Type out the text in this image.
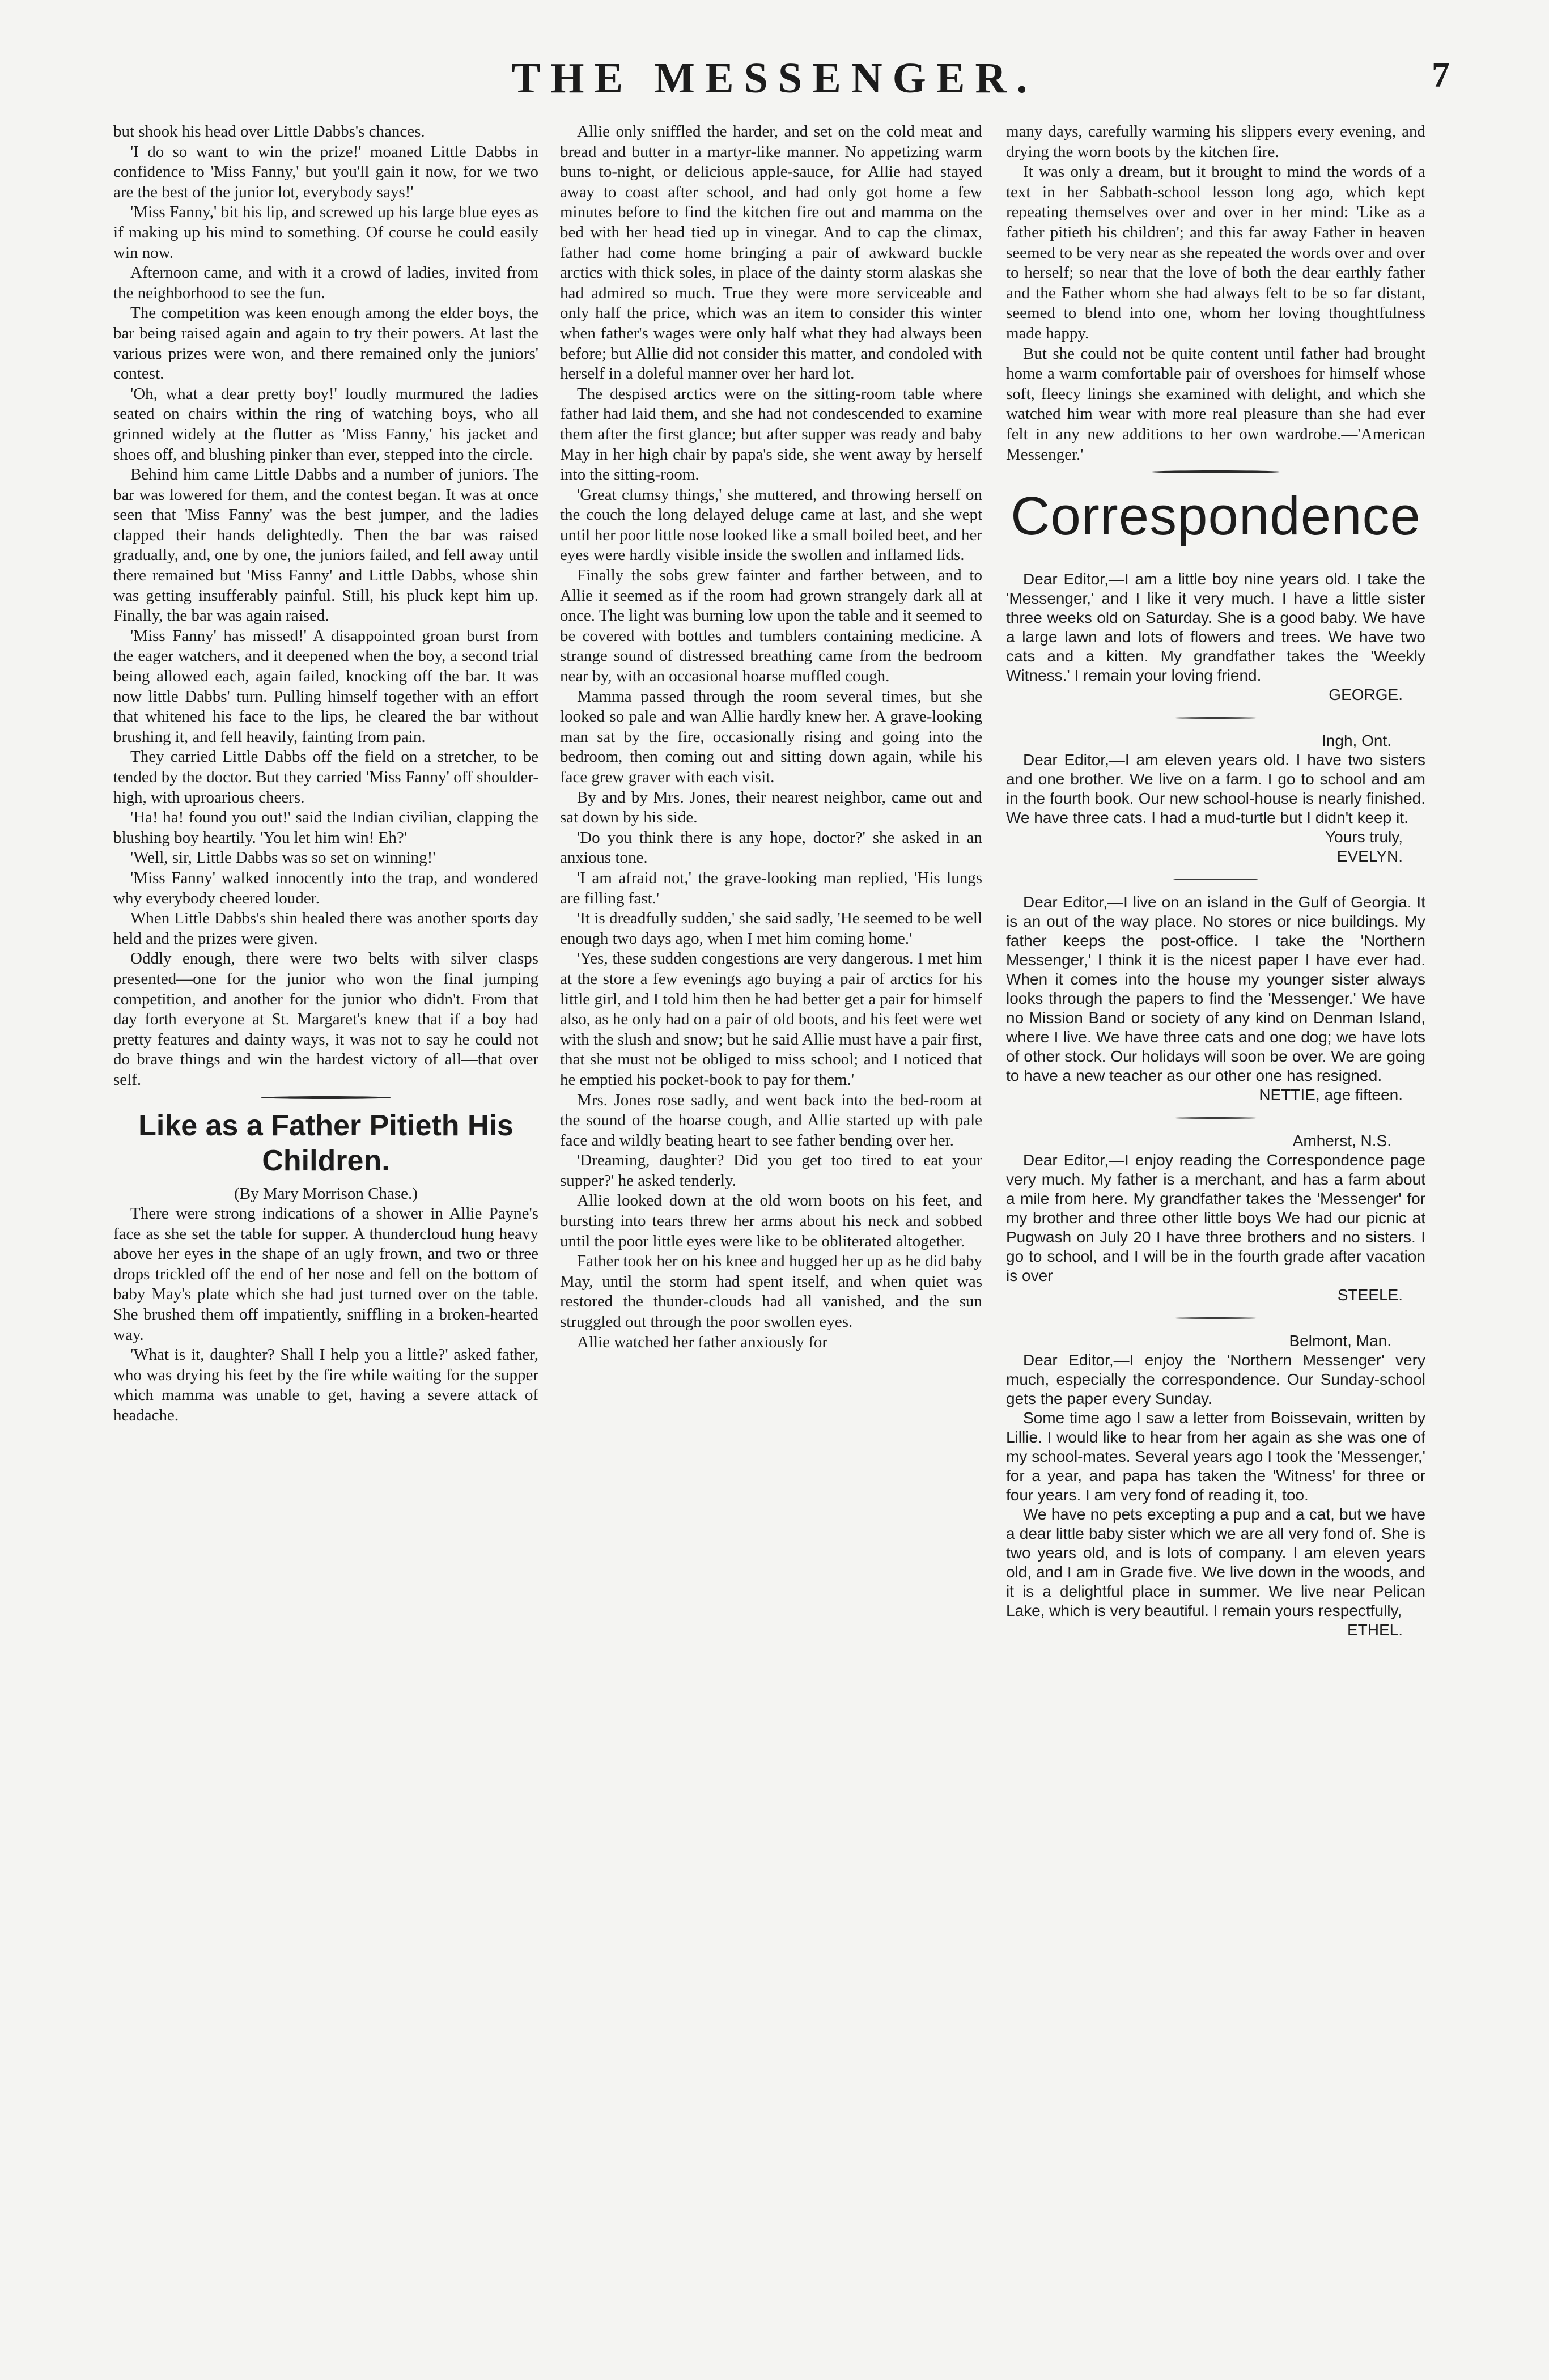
THE MESSENGER.	7

but shook his head over Little Dabbs's chances.

'I do so want to win the prize!' moaned Little Dabbs in confidence to 'Miss Fanny,' but you'll gain it now, for we two are the best of the junior lot, everybody says!'

'Miss Fanny,' bit his lip, and screwed up his large blue eyes as if making up his mind to something. Of course he could easily win now.

Afternoon came, and with it a crowd of ladies, invited from the neighborhood to see the fun.

The competition was keen enough among the elder boys, the bar being raised again and again to try their powers. At last the various prizes were won, and there remained only the juniors' contest.

'Oh, what a dear pretty boy!' loudly murmured the ladies seated on chairs within the ring of watching boys, who all grinned widely at the flutter as 'Miss Fanny,' his jacket and shoes off, and blushing pinker than ever, stepped into the circle.

Behind him came Little Dabbs and a number of juniors. The bar was lowered for them, and the contest began. It was at once seen that 'Miss Fanny' was the best jumper, and the ladies clapped their hands delightedly. Then the bar was raised gradually, and, one by one, the juniors failed, and fell away until there remained but 'Miss Fanny' and Little Dabbs, whose shin was getting insufferably painful. Still, his pluck kept him up. Finally, the bar was again raised.

'Miss Fanny' has missed!' A disappointed groan burst from the eager watchers, and it deepened when the boy, a second trial being allowed each, again failed, knocking off the bar. It was now little Dabbs' turn. Pulling himself together with an effort that whitened his face to the lips, he cleared the bar without brushing it, and fell heavily, fainting from pain.

They carried Little Dabbs off the field on a stretcher, to be tended by the doctor. But they carried 'Miss Fanny' off shoulder-high, with uproarious cheers.

'Ha! ha! found you out!' said the Indian civilian, clapping the blushing boy heartily. 'You let him win! Eh?'

'Well, sir, Little Dabbs was so set on winning!'

'Miss Fanny' walked innocently into the trap, and wondered why everybody cheered louder.

When Little Dabbs's shin healed there was another sports day held and the prizes were given.

Oddly enough, there were two belts with silver clasps presented—one for the junior who won the final jumping competition, and another for the junior who didn't. From that day forth everyone at St. Margaret's knew that if a boy had pretty features and dainty ways, it was not to say he could not do brave things and win the hardest victory of all—that over self.

Like as a Father Pitieth His Children.

(By Mary Morrison Chase.)

There were strong indications of a shower in Allie Payne's face as she set the table for supper. A thundercloud hung heavy above her eyes in the shape of an ugly frown, and two or three drops trickled off the end of her nose and fell on the bottom of baby May's plate which she had just turned over on the table. She brushed them off impatiently, sniffling in a broken-hearted way.

'What is it, daughter? Shall I help you a little?' asked father, who was drying his feet by the fire while waiting for the supper which mamma was unable to get, having a severe attack of headache.

Allie only sniffled the harder, and set on the cold meat and bread and butter in a martyr-like manner. No appetizing warm buns to-night, or delicious apple-sauce, for Allie had stayed away to coast after school, and had only got home a few minutes before to find the kitchen fire out and mamma on the bed with her head tied up in vinegar. And to cap the climax, father had come home bringing a pair of awkward buckle arctics with thick soles, in place of the dainty storm alaskas she had admired so much. True they were more serviceable and only half the price, which was an item to consider this winter when father's wages were only half what they had always been before; but Allie did not consider this matter, and condoled with herself in a doleful manner over her hard lot.

The despised arctics were on the sitting-room table where father had laid them, and she had not condescended to examine them after the first glance; but after supper was ready and baby May in her high chair by papa's side, she went away by herself into the sitting-room.

'Great clumsy things,' she muttered, and throwing herself on the couch the long delayed deluge came at last, and she wept until her poor little nose looked like a small boiled beet, and her eyes were hardly visible inside the swollen and inflamed lids.

Finally the sobs grew fainter and farther between, and to Allie it seemed as if the room had grown strangely dark all at once. The light was burning low upon the table and it seemed to be covered with bottles and tumblers containing medicine. A strange sound of distressed breathing came from the bedroom near by, with an occasional hoarse muffled cough.

Mamma passed through the room several times, but she looked so pale and wan Allie hardly knew her. A grave-looking man sat by the fire, occasionally rising and going into the bedroom, then coming out and sitting down again, while his face grew graver with each visit.

By and by Mrs. Jones, their nearest neighbor, came out and sat down by his side.

'Do you think there is any hope, doctor?' she asked in an anxious tone.

'I am afraid not,' the grave-looking man replied, 'His lungs are filling fast.'

'It is dreadfully sudden,' she said sadly, 'He seemed to be well enough two days ago, when I met him coming home.'

'Yes, these sudden congestions are very dangerous. I met him at the store a few evenings ago buying a pair of arctics for his little girl, and I told him then he had better get a pair for himself also, as he only had on a pair of old boots, and his feet were wet with the slush and snow; but he said Allie must have a pair first, that she must not be obliged to miss school; and I noticed that he emptied his pocket-book to pay for them.'

Mrs. Jones rose sadly, and went back into the bed-room at the sound of the hoarse cough, and Allie started up with pale face and wildly beating heart to see father bending over her.

'Dreaming, daughter? Did you get too tired to eat your supper?' he asked tenderly.

Allie looked down at the old worn boots on his feet, and bursting into tears threw her arms about his neck and sobbed until the poor little eyes were like to be obliterated altogether.

Father took her on his knee and hugged her up as he did baby May, until the storm had spent itself, and when quiet was restored the thunder-clouds had all vanished, and the sun struggled out through the poor swollen eyes.

Allie watched her father anxiously for

many days, carefully warming his slippers every evening, and drying the worn boots by the kitchen fire.

It was only a dream, but it brought to mind the words of a text in her Sabbath-school lesson long ago, which kept repeating themselves over and over in her mind: 'Like as a father pitieth his children'; and this far away Father in heaven seemed to be very near as she repeated the words over and over to herself; so near that the love of both the dear earthly father and the Father whom she had always felt to be so far distant, seemed to blend into one, whom her loving thoughtfulness made happy.

But she could not be quite content until father had brought home a warm comfortable pair of overshoes for himself whose soft, fleecy linings she examined with delight, and which she watched him wear with more real pleasure than she had ever felt in any new additions to her own wardrobe.—'American Messenger.'

Correspondence

Dear Editor,—I am a little boy nine years old. I take the 'Messenger,' and I like it very much. I have a little sister three weeks old on Saturday. She is a good baby. We have a large lawn and lots of flowers and trees. We have two cats and a kitten. My grandfather takes the 'Weekly Witness.' I remain your loving friend.

GEORGE.

Ingh, Ont.

Dear Editor,—I am eleven years old. I have two sisters and one brother. We live on a farm. I go to school and am in the fourth book. Our new school-house is nearly finished. We have three cats. I had a mud-turtle but I didn't keep it.

Yours truly,

EVELYN.

Dear Editor,—I live on an island in the Gulf of Georgia. It is an out of the way place. No stores or nice buildings. My father keeps the post-office. I take the 'Northern Messenger,' I think it is the nicest paper I have ever had. When it comes into the house my younger sister always looks through the papers to find the 'Messenger.' We have no Mission Band or society of any kind on Denman Island, where I live. We have three cats and one dog; we have lots of other stock. Our holidays will soon be over. We are going to have a new teacher as our other one has resigned.

NETTIE, age fifteen.

Amherst, N.S.

Dear Editor,—I enjoy reading the Correspondence page very much. My father is a merchant, and has a farm about a mile from here. My grandfather takes the 'Messenger' for my brother and three other little boys We had our picnic at Pugwash on July 20 I have three brothers and no sisters. I go to school, and I will be in the fourth grade after vacation is over

STEELE.

Belmont, Man.

Dear Editor,—I enjoy the 'Northern Messenger' very much, especially the correspondence. Our Sunday-school gets the paper every Sunday.

Some time ago I saw a letter from Boissevain, written by Lillie. I would like to hear from her again as she was one of my school-mates. Several years ago I took the 'Messenger,' for a year, and papa has taken the 'Witness' for three or four years. I am very fond of reading it, too.

We have no pets excepting a pup and a cat, but we have a dear little baby sister which we are all very fond of. She is two years old, and is lots of company. I am eleven years old, and I am in Grade five. We live down in the woods, and it is a delightful place in summer. We live near Pelican Lake, which is very beautiful. I remain yours respectfully,

ETHEL.
